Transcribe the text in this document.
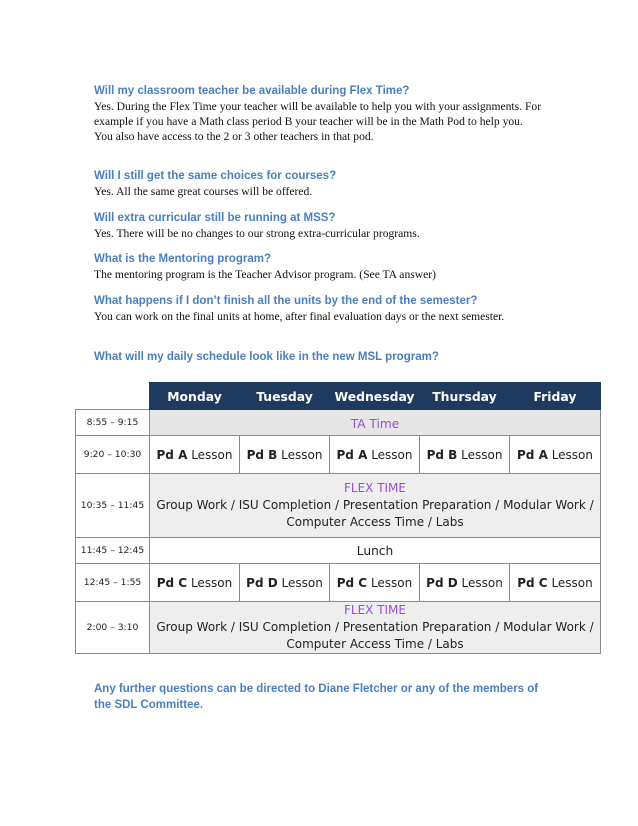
Will my classroom teacher be available during Flex Time?

Yes. During the Flex Time your teacher will be available to help you with your assignments. For example if you have a Math class period B your teacher will be in the Math Pod to help you. You also have access to the 2 or 3 other teachers in that pod.

Will I still get the same choices for courses?

Yes. All the same great courses will be offered.

Will extra curricular still be running at MSS?

Yes. There will be no changes to our strong extra-curricular programs.

What is the Mentoring program?

The mentoring program is the Teacher Advisor program. (See TA answer)

What happens if I don’t finish all the units by the end of the semester?

You can work on the final units at home, after final evaluation days or the next semester.

What will my daily schedule look like in the new MSL program?

	Monday	Tuesday	Wednesday	Thursday	Friday
8:55 – 9:15	TA Time				
9:20 – 10:30	Pd A Lesson	Pd B Lesson	Pd A Lesson	Pd B Lesson	Pd A Lesson
10:35 – 11:45	FLEX TIME
Group Work / ISU Completion / Presentation Preparation / Modular Work / Computer Access Time / Labs				
11:45 – 12:45	Lunch				
12:45 – 1:55	Pd C Lesson	Pd D Lesson	Pd C Lesson	Pd D Lesson	Pd C Lesson
2:00 – 3:10	FLEX TIME
Group Work / ISU Completion / Presentation Preparation / Modular Work / Computer Access Time / Labs				
Any further questions can be directed to Diane Fletcher or any of the members of the SDL Committee.
